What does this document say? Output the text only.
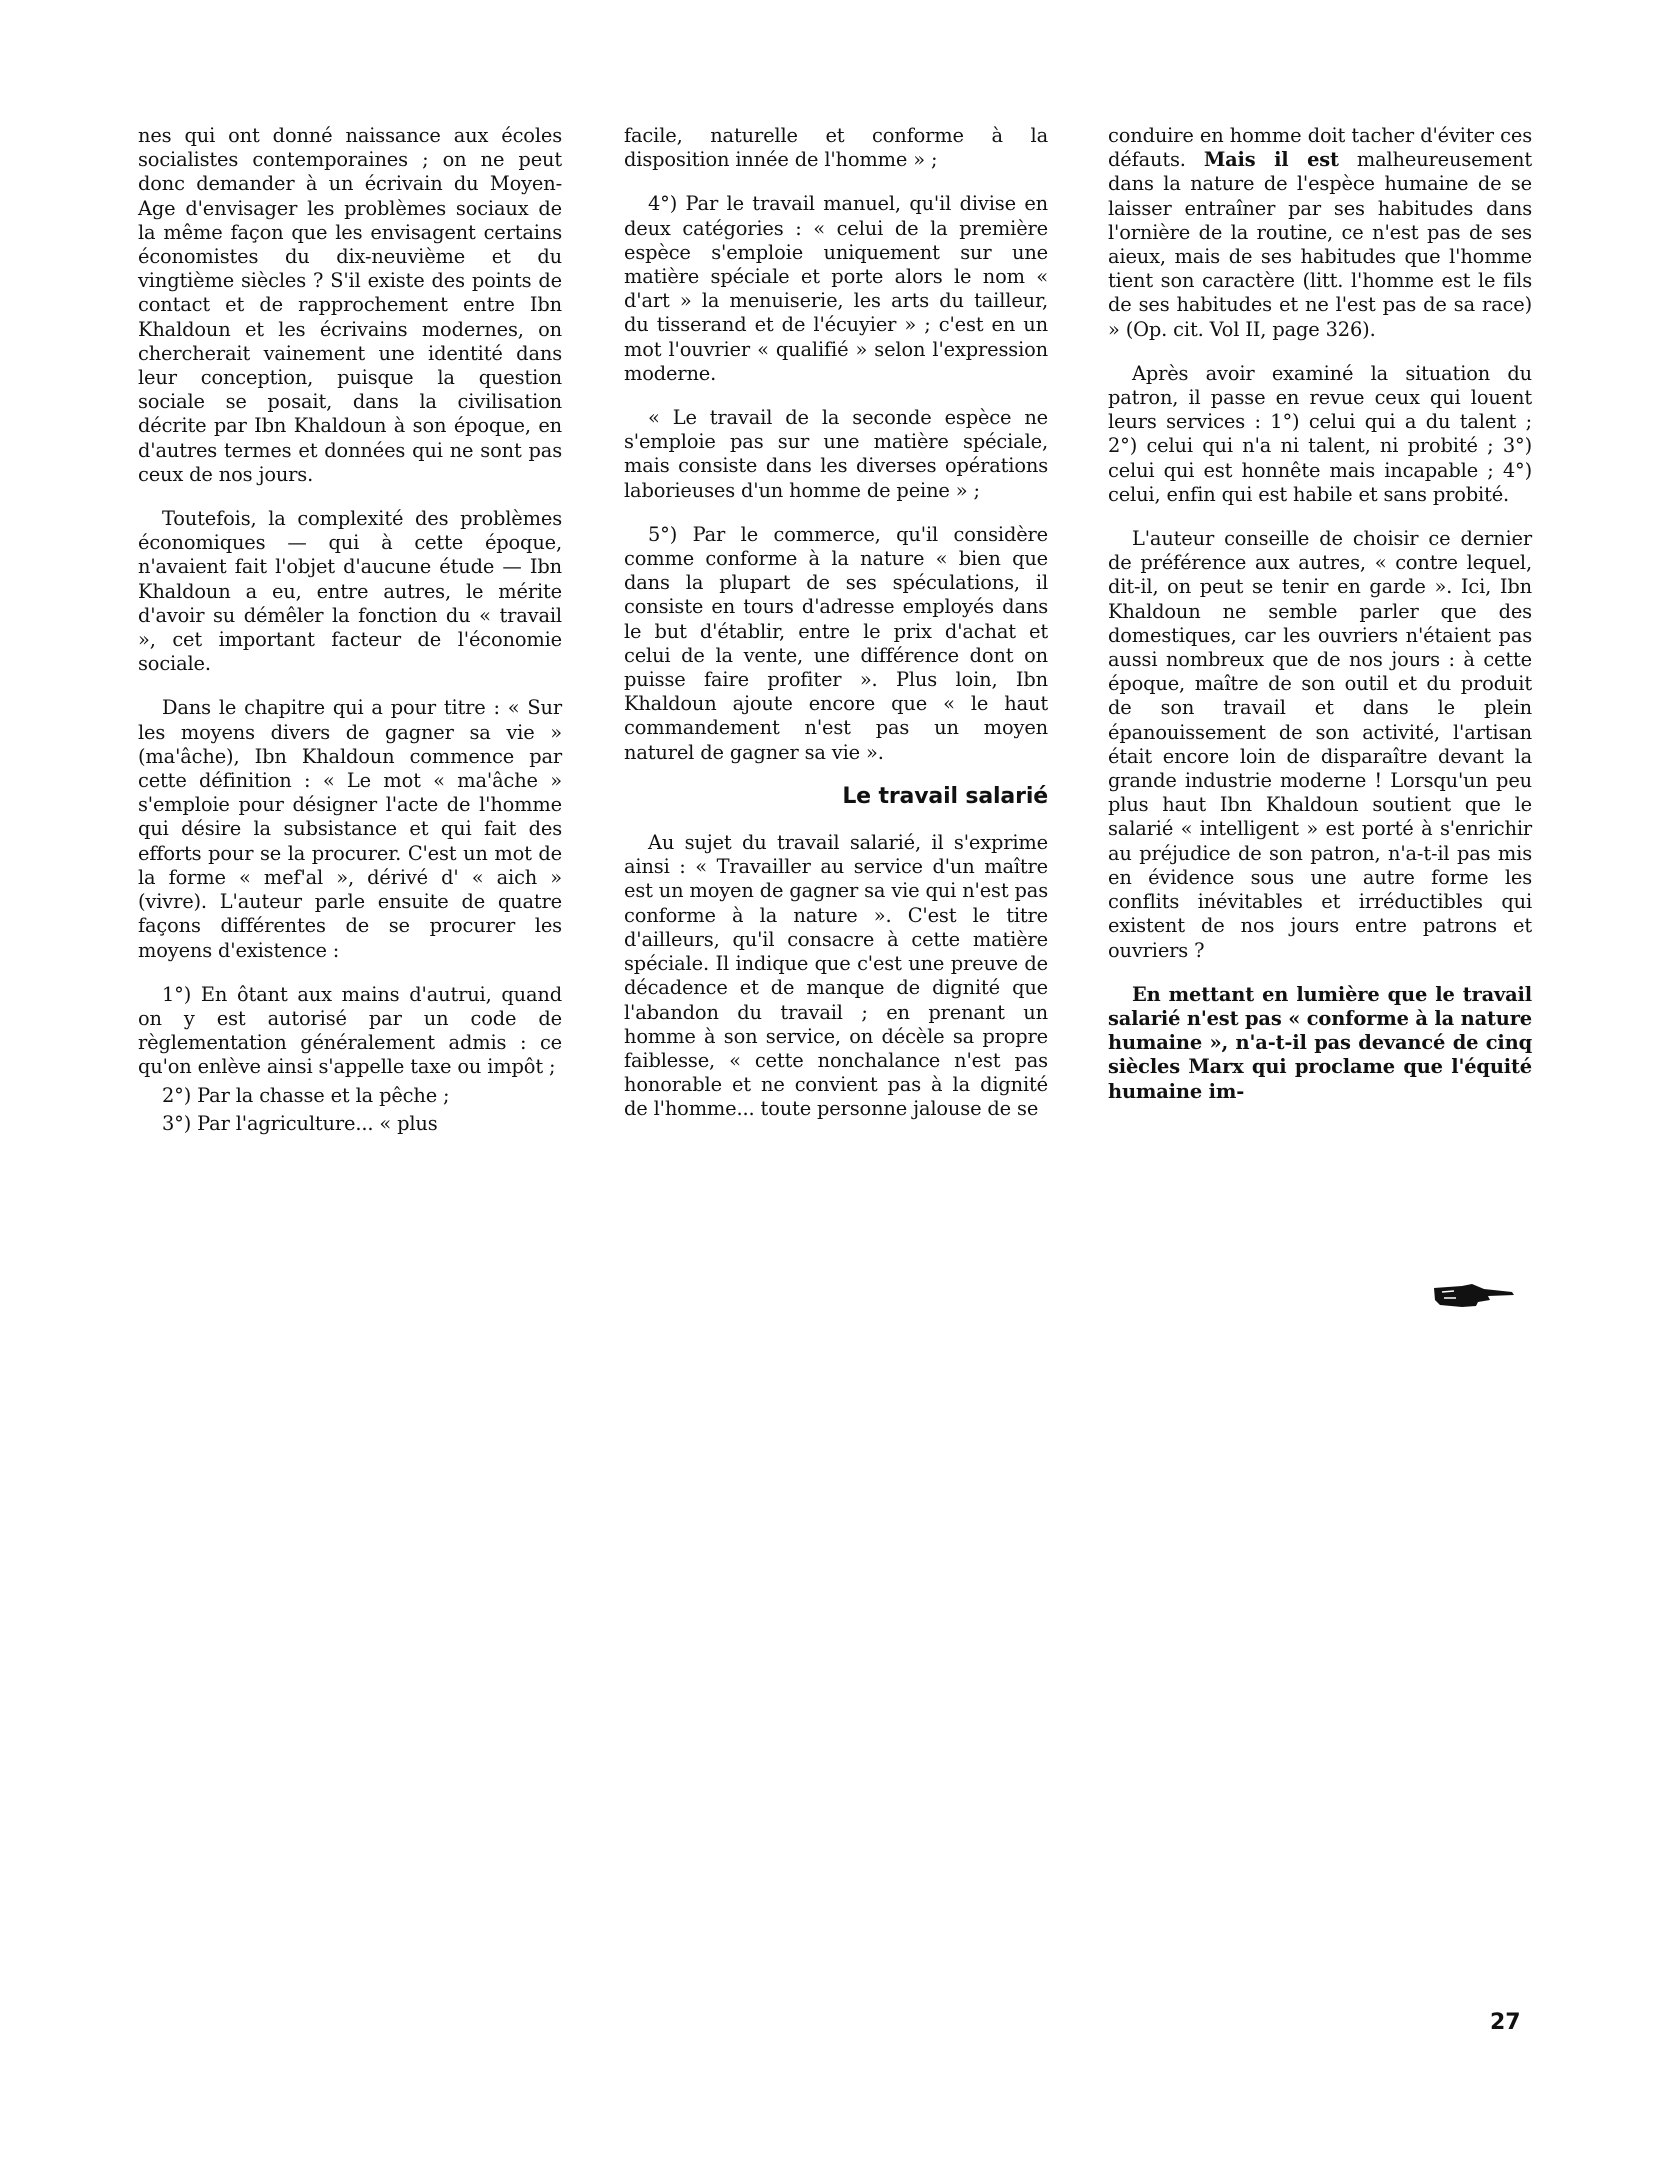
nes qui ont donné naissance aux écoles socialistes contemporaines ; on ne peut donc demander à un écrivain du Moyen-Age d'envisager les problèmes sociaux de la même façon que les envisagent certains économistes du dix-neuvième et du vingtième siècles ? S'il existe des points de contact et de rapprochement entre Ibn Khaldoun et les écrivains modernes, on chercherait vainement une identité dans leur conception, puisque la question sociale se posait, dans la civilisation décrite par Ibn Khaldoun à son époque, en d'autres termes et données qui ne sont pas ceux de nos jours.

Toutefois, la complexité des problèmes économiques — qui à cette époque, n'avaient fait l'objet d'aucune étude — Ibn Khaldoun a eu, entre autres, le mérite d'avoir su démêler la fonction du « travail », cet important facteur de l'économie sociale.

Dans le chapitre qui a pour titre : « Sur les moyens divers de gagner sa vie » (ma'âche), Ibn Khaldoun commence par cette définition : « Le mot « ma'âche » s'emploie pour désigner l'acte de l'homme qui désire la subsistance et qui fait des efforts pour se la procurer. C'est un mot de la forme « mef'al », dérivé d' « aich » (vivre). L'auteur parle ensuite de quatre façons différentes de se procurer les moyens d'existence :

1°) En ôtant aux mains d'autrui, quand on y est autorisé par un code de règlementation généralement admis : ce qu'on enlève ainsi s'appelle taxe ou impôt ;

2°) Par la chasse et la pêche ;

3°) Par l'agriculture... « plus

facile, naturelle et conforme à la disposition innée de l'homme » ;

4°) Par le travail manuel, qu'il divise en deux catégories : « celui de la première espèce s'emploie uniquement sur une matière spéciale et porte alors le nom « d'art » la menuiserie, les arts du tailleur, du tisserand et de l'écuyier » ; c'est en un mot l'ouvrier « qualifié » selon l'expression moderne.

« Le travail de la seconde espèce ne s'emploie pas sur une matière spéciale, mais consiste dans les diverses opérations laborieuses d'un homme de peine » ;

5°) Par le commerce, qu'il considère comme conforme à la nature « bien que dans la plupart de ses spéculations, il consiste en tours d'adresse employés dans le but d'établir, entre le prix d'achat et celui de la vente, une différence dont on puisse faire profiter ». Plus loin, Ibn Khaldoun ajoute encore que « le haut commandement n'est pas un moyen naturel de gagner sa vie ».

Le travail salarié

Au sujet du travail salarié, il s'exprime ainsi : « Travailler au service d'un maître est un moyen de gagner sa vie qui n'est pas conforme à la nature ». C'est le titre d'ailleurs, qu'il consacre à cette matière spéciale. Il indique que c'est une preuve de décadence et de manque de dignité que l'abandon du travail ; en prenant un homme à son service, on décèle sa propre faiblesse, « cette nonchalance n'est pas honorable et ne convient pas à la dignité de l'homme... toute personne jalouse de se

conduire en homme doit tacher d'éviter ces défauts. Mais il est malheureusement dans la nature de l'espèce humaine de se laisser entraîner par ses habitudes dans l'ornière de la routine, ce n'est pas de ses aieux, mais de ses habitudes que l'homme tient son caractère (litt. l'homme est le fils de ses habitudes et ne l'est pas de sa race) » (Op. cit. Vol II, page 326).

Après avoir examiné la situation du patron, il passe en revue ceux qui louent leurs services : 1°) celui qui a du talent ; 2°) celui qui n'a ni talent, ni probité ; 3°) celui qui est honnête mais incapable ; 4°) celui, enfin qui est habile et sans probité.

L'auteur conseille de choisir ce dernier de préférence aux autres, « contre lequel, dit-il, on peut se tenir en garde ». Ici, Ibn Khaldoun ne semble parler que des domestiques, car les ouvriers n'étaient pas aussi nombreux que de nos jours : à cette époque, maître de son outil et du produit de son travail et dans le plein épanouissement de son activité, l'artisan était encore loin de disparaître devant la grande industrie moderne ! Lorsqu'un peu plus haut Ibn Khaldoun soutient que le salarié « intelligent » est porté à s'enrichir au préjudice de son patron, n'a-t-il pas mis en évidence sous une autre forme les conflits inévitables et irréductibles qui existent de nos jours entre patrons et ouvriers ?

En mettant en lumière que le travail salarié n'est pas « conforme à la nature humaine », n'a-t-il pas devancé de cinq siècles Marx qui proclame que l'équité humaine im-

27
